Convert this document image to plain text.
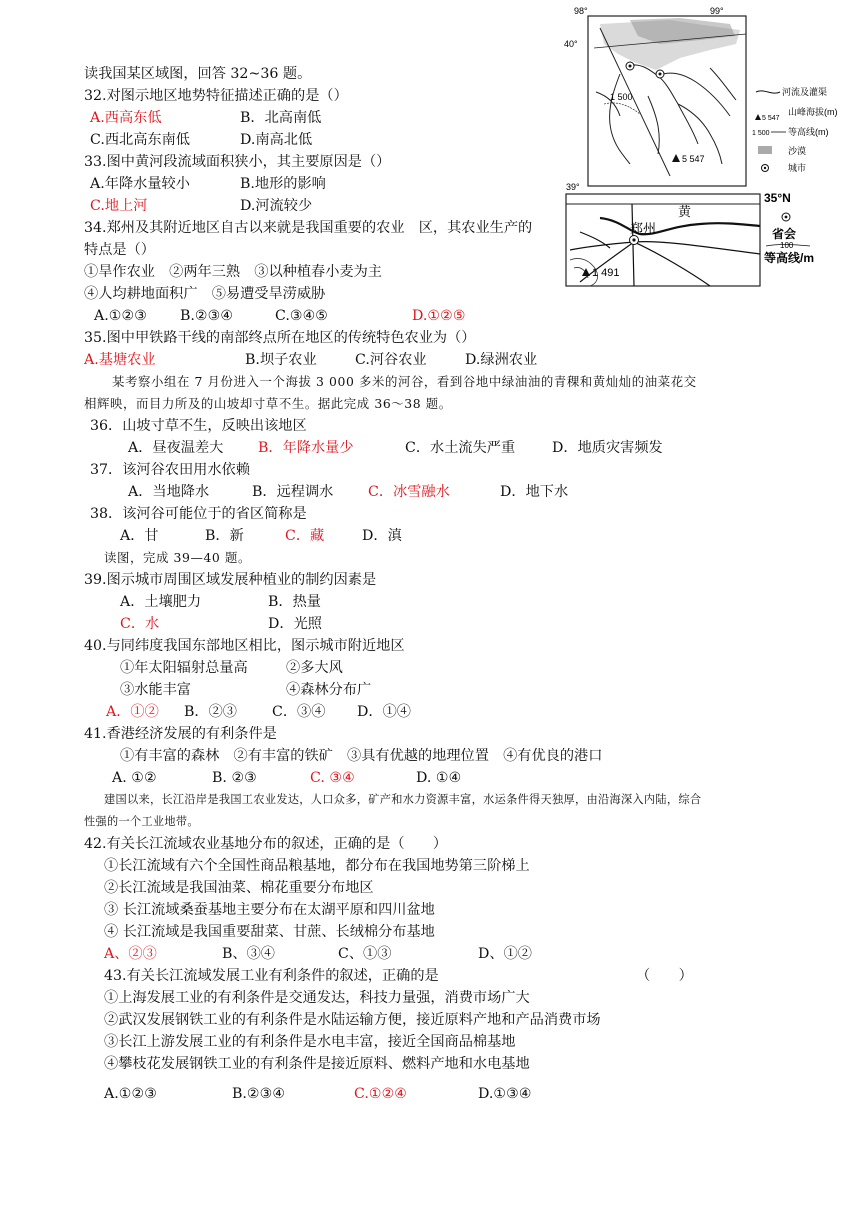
98°	99°
40°
39°
1 500
5 547
河流及灌渠
5 547
山峰海拔(m)
1 500 等高线(m)
沙漠
城市
35°N
黄
郑州
1 491
省会
100
等高线/m
读我国某区域图，回答 32~36 题。
32.对图示地区地势特征描述正确的是（）
A.西高东低	B．北高南低
C.西北高东南低	D.南高北低
33.图中黄河段流域面积狭小，其主要原因是（）
A.年降水量较小	B.地形的影响
C.地上河	D.河流较少
34.郑州及其附近地区自古以来就是我国重要的农业　区，其农业生产的
特点是（）
①旱作农业　②两年三熟　③以种植春小麦为主
④人均耕地面积广　⑤易遭受旱涝威胁
A.①②③ B.②③④	C.③④⑤	D.①②⑤
35.图中甲铁路干线的南部终点所在地区的传统特色农业为（）
A.基塘农业	B.坝子农业	C.河谷农业	D.绿洲农业
某考察小组在 7 月份进入一个海拔 3 000 多米的河谷，看到谷地中绿油油的青稞和黄灿灿的油菜花交
相辉映，而目力所及的山坡却寸草不生。据此完成 36～38 题。
36．山坡寸草不生，反映出该地区
A．昼夜温差大 B．年降水量少	C．水土流失严重	D．地质灾害频发
37．该河谷农田用水依赖
A．当地降水	B．远程调水 C．冰雪融水	D．地下水
38．该河谷可能位于的省区简称是
A．甘	B．新	C．藏	D．滇
读图，完成 39—40 题。
39.图示城市周围区域发展种植业的制约因素是
A．土壤肥力	B．热量
C．水	D．光照
40.与同纬度我国东部地区相比，图示城市附近地区
①年太阳辐射总量高	②多大风
③水能丰富	④森林分布广
A．①② B．②③ C．③④ D．①④
41.香港经济发展的有利条件是
①有丰富的森林　②有丰富的铁矿　③具有优越的地理位置　④有优良的港口
A. ①②	B. ②③	C. ③④	D. ①④
建国以来，长江沿岸是我国工农业发达，人口众多，矿产和水力资源丰富，水运条件得天独厚，由沿海深入内陆，综合
性强的一个工业地带。
42.有关长江流域农业基地分布的叙述，正确的是（　　）
①长江流域有六个全国性商品粮基地，都分布在我国地势第三阶梯上
②长江流域是我国油菜、棉花重要分布地区
③ 长江流域桑蚕基地主要分布在太湖平原和四川盆地
④ 长江流域是我国重要甜菜、甘蔗、长绒棉分布基地
A、②③	B、③④	C、①③	D、①②
43.有关长江流域发展工业有利条件的叙述，正确的是	（　　）
①上海发展工业的有利条件是交通发达，科技力量强，消费市场广大
②武汉发展钢铁工业的有利条件是水陆运输方便，接近原料产地和产品消费市场
③长江上游发展工业的有利条件是水电丰富，接近全国商品棉基地
④攀枝花发展钢铁工业的有利条件是接近原料、燃料产地和水电基地
A.①②③	B.②③④	C.①②④	D.①③④
